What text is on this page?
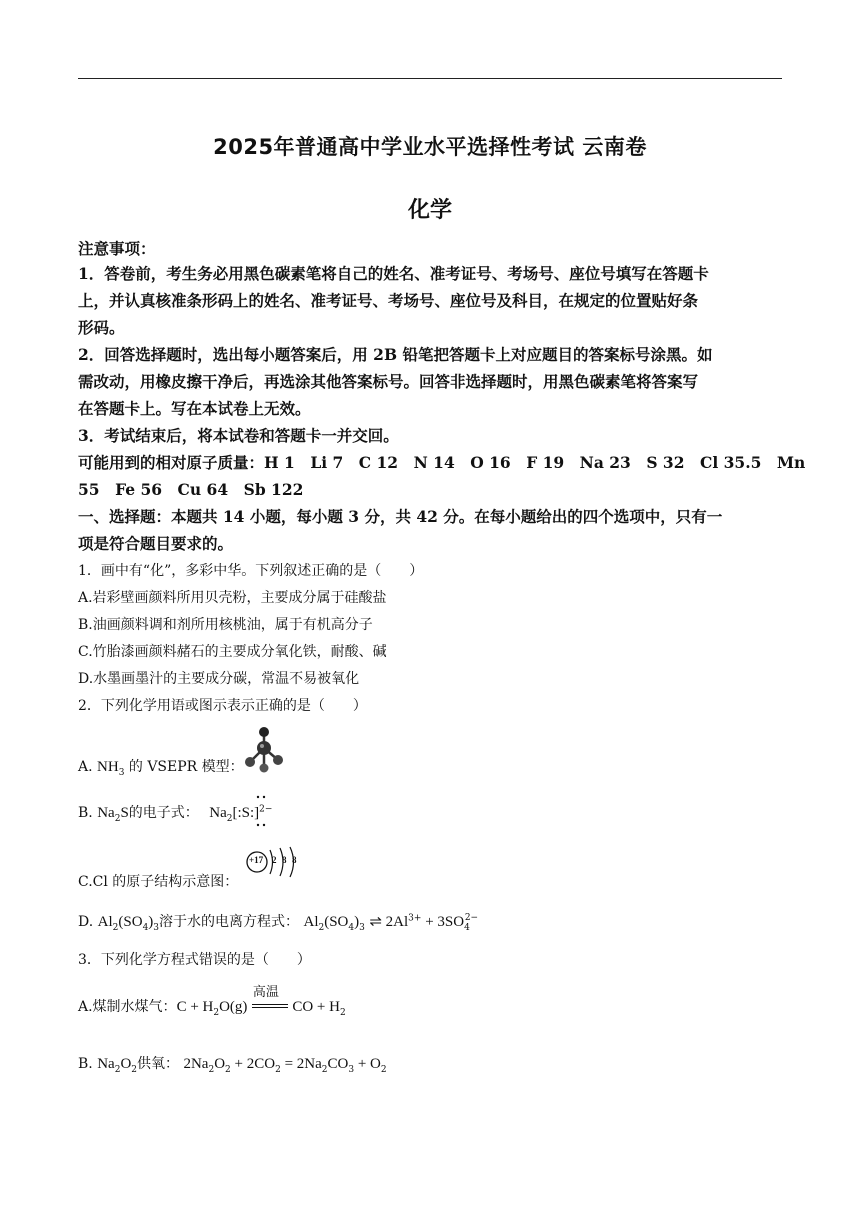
2025年普通高中学业水平选择性考试 云南卷
化学
注意事项：
1．答卷前，考生务必用黑色碳素笔将自己的姓名、准考证号、考场号、座位号填写在答题卡
上，并认真核准条形码上的姓名、准考证号、考场号、座位号及科目，在规定的位置贴好条
形码。
2．回答选择题时，选出每小题答案后，用 2B 铅笔把答题卡上对应题目的答案标号涂黑。如
需改动，用橡皮擦干净后，再选涂其他答案标号。回答非选择题时，用黑色碳素笔将答案写
在答题卡上。写在本试卷上无效。
3．考试结束后，将本试卷和答题卡一并交回。
可能用到的相对原子质量：H 1　Li 7　C 12　N 14　O 16　F 19　Na 23　S 32　Cl 35.5　Mn
55　Fe 56　Cu 64　Sb 122
一、选择题：本题共 14 小题，每小题 3 分，共 42 分。在每小题给出的四个选项中，只有一
项是符合题目要求的。
1．画中有“化”，多彩中华。下列叙述正确的是（　　）
A.岩彩壁画颜料所用贝壳粉，主要成分属于硅酸盐
B.油画颜料调和剂所用核桃油，属于有机高分子
C.竹胎漆画颜料赭石的主要成分氧化铁，耐酸、碱
D.水墨画墨汁的主要成分碳，常温不易被氧化
2．下列化学用语或图示表示正确的是（　　）
A. $NH_3$ 的 VSEPR 模型：
B. $Na_2S$的电子式： $Na_2[:S:]^{2-}$
C.Cl 的原子结构示意图：
+17 2 8 8
D. $Al_2(SO_4)_3$溶于水的电离方程式： $Al_2(SO_4)_3$ ⇌ $2Al^{3+} + 3SO_4^{2-}$
3．下列化学方程式错误的是（　　）
A.煤制水煤气：$C + H_2O(g)$
高温
CO + $H_2$
B. $Na_2O_2$供氧： $2Na_2O_2 + 2CO_2 = 2Na_2CO_3 + O_2$
